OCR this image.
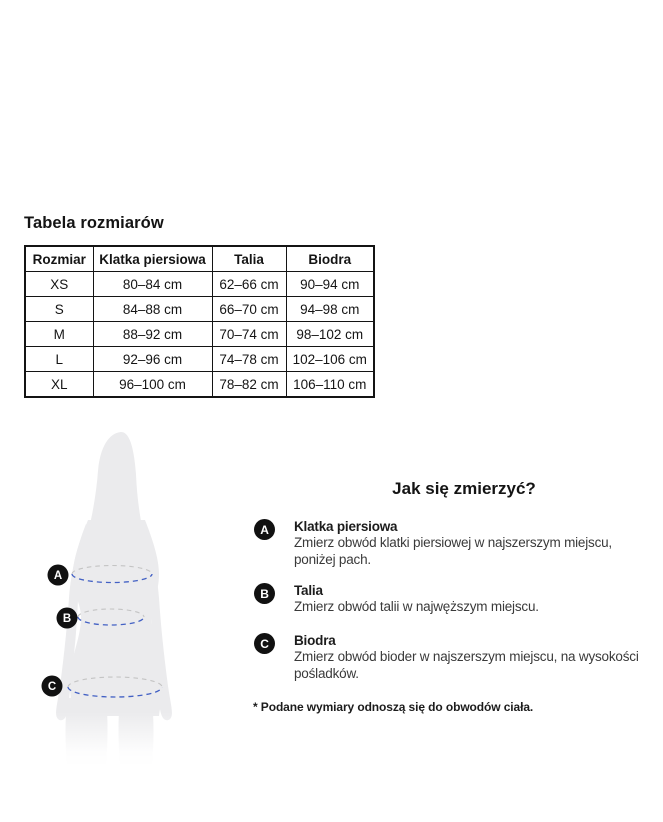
Tabela rozmiarów
Rozmiar	Klatka piersiowa	Talia	Biodra
XS	80–84 cm	62–66 cm	90–94 cm
S	84–88 cm	66–70 cm	94–98 cm
M	88–92 cm	70–74 cm	98–102 cm
L	92–96 cm	74–78 cm	102–106 cm
XL	96–100 cm	78–82 cm	106–110 cm
A
B
C
Jak się zmierzyć?
A	Klatka piersiowa
Zmierz obwód klatki piersiowej w najszerszym miejscu,
poniżej pach.
B	Talia
Zmierz obwód talii w najwęższym miejscu.
C	Biodra
Zmierz obwód bioder w najszerszym miejscu, na wysokości
pośladków.
* Podane wymiary odnoszą się do obwodów ciała.
